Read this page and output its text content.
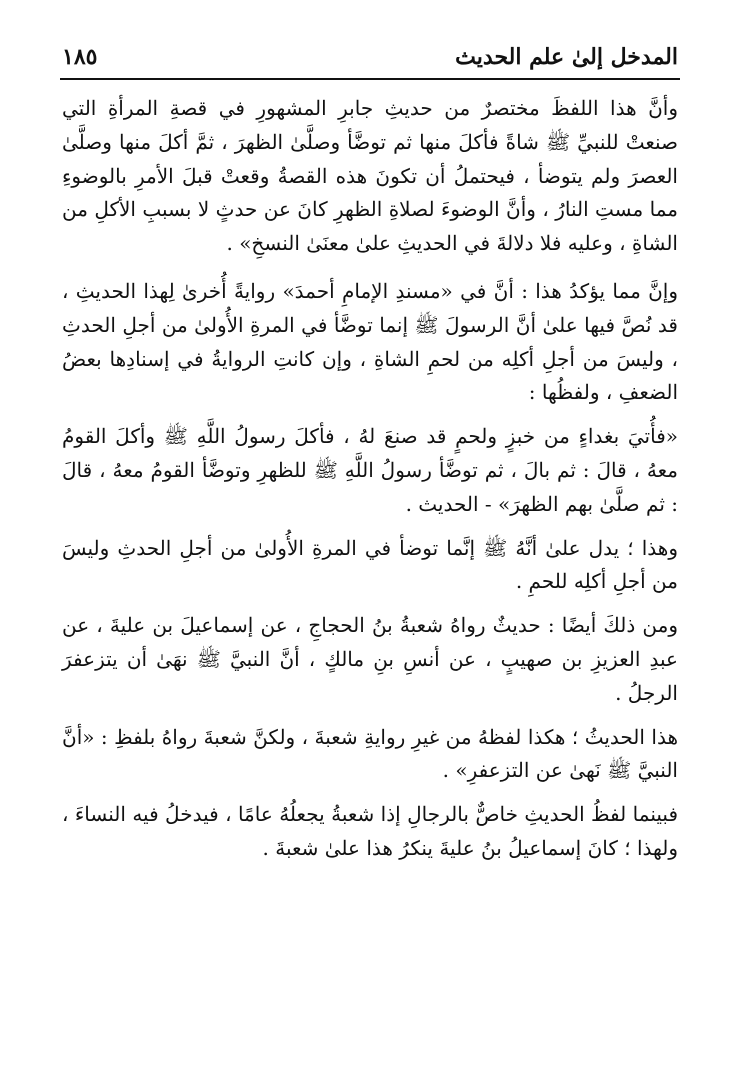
المدخل إلىٰ علم الحديث
١٨٥

وأنَّ هذا اللفظَ مختصرٌ من حديثِ جابرِ المشهورِ في قصةِ المرأةِ التي صنعتْ للنبيِّ ﷺ شاةً فأكلَ منها ثم توضَّأ وصلَّىٰ الظهرَ ، ثمَّ أكلَ منها وصلَّىٰ العصرَ ولم يتوضأ ، فيحتملُ أن تكونَ هذه القصةُ وقعتْ قبلَ الأمرِ بالوضوءِ مما مستِ النارُ ، وأنَّ الوضوءَ لصلاةِ الظهرِ كانَ عن حدثٍ لا بسببِ الأكلِ من الشاةِ ، وعليه فلا دلالةَ في الحديثِ علىٰ معنَىٰ النسخِ» .

وإنَّ مما يؤكدُ هذا : أنَّ في «مسندِ الإمامِ أحمدَ» روايةً أُخرىٰ لِهذا الحديثِ ، قد نُصَّ فيها علىٰ أنَّ الرسولَ ﷺ إنما توضَّأ في المرةِ الأُولىٰ من أجلِ الحدثِ ، وليسَ من أجلِ أكلِه من لحمِ الشاةِ ، وإن كانتِ الروايةُ في إسنادِها بعضُ الضعفِ ، ولفظُها :

«فأُتيَ بغداءٍ من خبزٍ ولحمٍ قد صنعَ لهُ ، فأكلَ رسولُ اللَّهِ ﷺ وأكلَ القومُ معهُ ، قالَ : ثم بالَ ، ثم توضَّأ رسولُ اللَّهِ ﷺ للظهرِ وتوضَّأ القومُ معهُ ، قالَ : ثم صلَّىٰ بهم الظهرَ» - الحديث .

وهذا ؛ يدل علىٰ أنَّهُ ﷺ إنَّما توضأ في المرةِ الأُولىٰ من أجلِ الحدثِ وليسَ من أجلِ أكلِه للحمِ .

ومن ذلكَ أيضًا : حديثٌ رواهُ شعبةُ بنُ الحجاجِ ، عن إسماعيلَ بن عليةَ ، عن عبدِ العزيزِ بن صهيبٍ ، عن أنسِ بنِ مالكٍ ، أنَّ النبيَّ ﷺ نهَىٰ أن يتزعفرَ الرجلُ .

هذا الحديثُ ؛ هكذا لفظهُ من غيرِ روايةِ شعبةَ ، ولكنَّ شعبةَ رواهُ بلفظِ : «أنَّ النبيَّ ﷺ نَهىٰ عن التزعفرِ» .

فبينما لفظُ الحديثِ خاصٌّ بالرجالِ إذا شعبةُ يجعلُهُ عامًا ، فيدخلُ فيه النساءَ ، ولهذا ؛ كانَ إسماعيلُ بنُ عليةَ ينكرُ هذا علىٰ شعبةَ .
